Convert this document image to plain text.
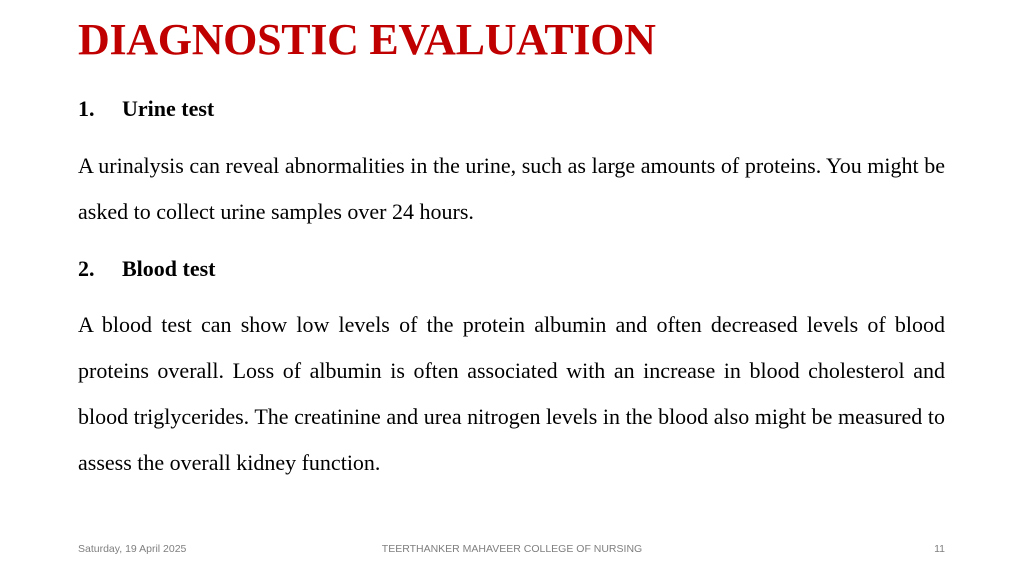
DIAGNOSTIC EVALUATION
1. Urine test
A urinalysis can reveal abnormalities in the urine, such as large amounts of proteins. You might be asked to collect urine samples over 24 hours.
2. Blood test
A blood test can show low levels of the protein albumin and often decreased levels of blood proteins overall. Loss of albumin is often associated with an increase in blood cholesterol and blood triglycerides. The creatinine and urea nitrogen levels in the blood also might be measured to assess the overall kidney function.
Saturday, 19 April 2025	TEERTHANKER MAHAVEER COLLEGE OF NURSING	11
